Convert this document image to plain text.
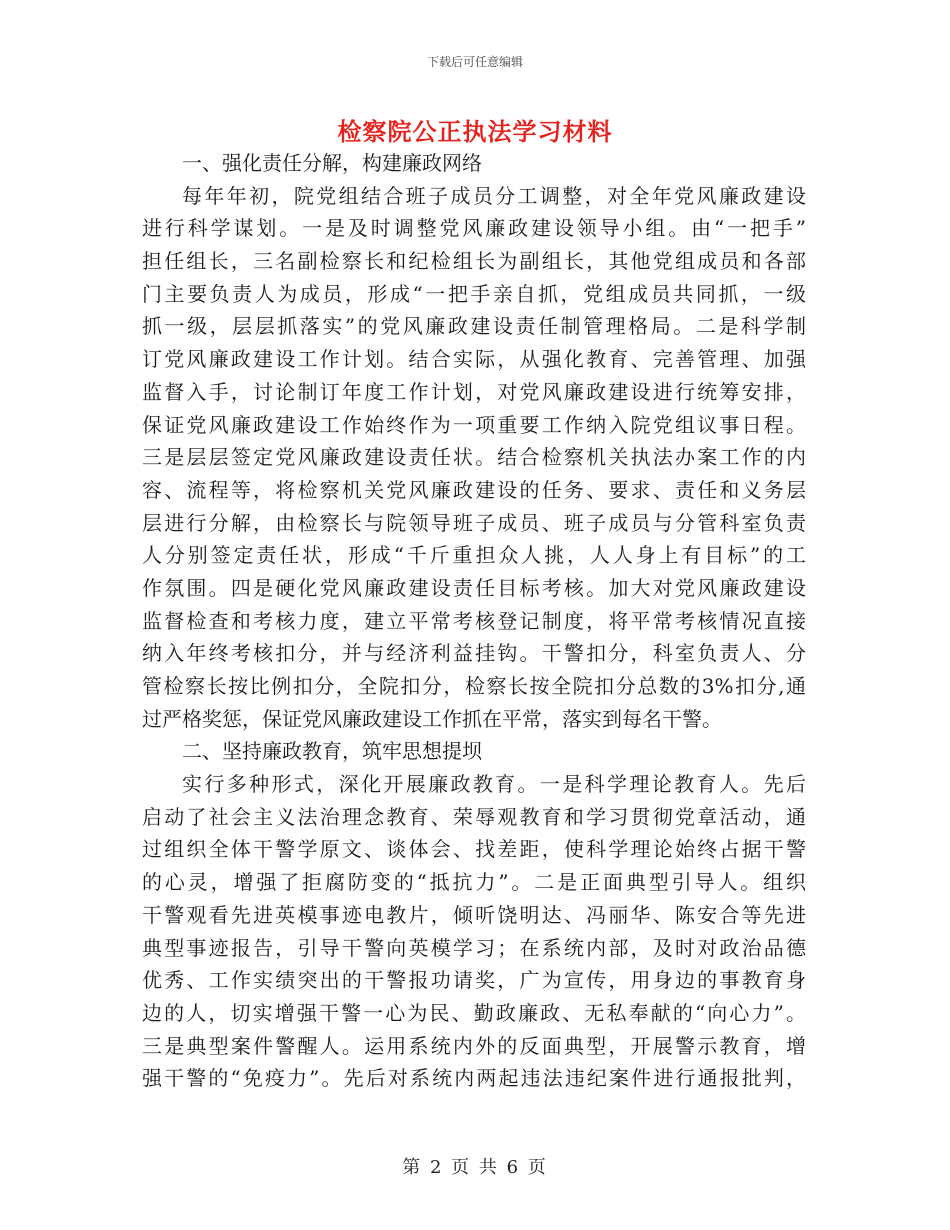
下载后可任意编辑
检察院公正执法学习材料
一、强化责任分解，构建廉政网络
每年年初，院党组结合班子成员分工调整，对全年党风廉政建设
进行科学谋划。一是及时调整党风廉政建设领导小组。由“一把手”
担任组长，三名副检察长和纪检组长为副组长，其他党组成员和各部
门主要负责人为成员，形成“一把手亲自抓，党组成员共同抓，一级
抓一级，层层抓落实”的党风廉政建设责任制管理格局。二是科学制
订党风廉政建设工作计划。结合实际，从强化教育、完善管理、加强
监督入手，讨论制订年度工作计划，对党风廉政建设进行统筹安排，
保证党风廉政建设工作始终作为一项重要工作纳入院党组议事日程。
三是层层签定党风廉政建设责任状。结合检察机关执法办案工作的内
容、流程等，将检察机关党风廉政建设的任务、要求、责任和义务层
层进行分解，由检察长与院领导班子成员、班子成员与分管科室负责
人分别签定责任状，形成“千斤重担众人挑，人人身上有目标”的工
作氛围。四是硬化党风廉政建设责任目标考核。加大对党风廉政建设
监督检查和考核力度，建立平常考核登记制度，将平常考核情况直接
纳入年终考核扣分，并与经济利益挂钩。干警扣分，科室负责人、分
管检察长按比例扣分，全院扣分，检察长按全院扣分总数的3%扣分,通
过严格奖惩，保证党风廉政建设工作抓在平常，落实到每名干警。
二、坚持廉政教育，筑牢思想提坝
实行多种形式，深化开展廉政教育。一是科学理论教育人。先后
启动了社会主义法治理念教育、荣辱观教育和学习贯彻党章活动，通
过组织全体干警学原文、谈体会、找差距，使科学理论始终占据干警
的心灵，增强了拒腐防变的“抵抗力”。二是正面典型引导人。组织
干警观看先进英模事迹电教片，倾听饶明达、冯丽华、陈安合等先进
典型事迹报告，引导干警向英模学习；在系统内部，及时对政治品德
优秀、工作实绩突出的干警报功请奖，广为宣传，用身边的事教育身
边的人，切实增强干警一心为民、勤政廉政、无私奉献的“向心力”。
三是典型案件警醒人。运用系统内外的反面典型，开展警示教育，增
强干警的“免疫力”。先后对系统内两起违法违纪案件进行通报批判，
第 2 页 共 6 页
